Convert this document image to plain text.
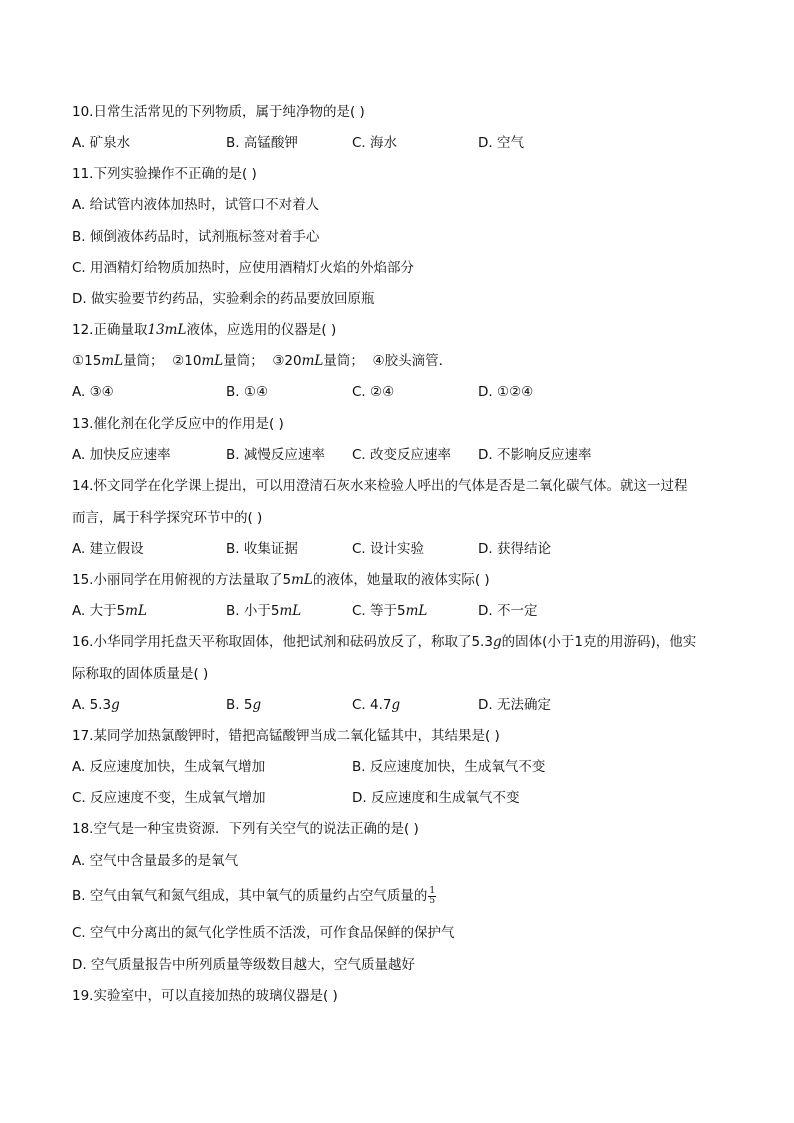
10.日常生活常见的下列物质，属于纯净物的是( )
A. 矿泉水	B. 高锰酸钾	C. 海水	D. 空气
11.下列实验操作不正确的是( )
A. 给试管内液体加热时，试管口不对着人
B. 倾倒液体药品时，试剂瓶标签对着手心
C. 用酒精灯给物质加热时，应使用酒精灯火焰的外焰部分
D. 做实验要节约药品，实验剩余的药品要放回原瓶
12.正确量取13mL液体，应选用的仪器是( )
①15mL量筒； ②10mL量筒； ③20mL量筒； ④胶头滴管．
A. ③④	B. ①④	C. ②④	D. ①②④
13.催化剂在化学反应中的作用是( )
A. 加快反应速率	B. 减慢反应速率 C. 改变反应速率 D. 不影响反应速率
14.怀文同学在化学课上提出，可以用澄清石灰水来检验人呼出的气体是否是二氧化碳气体。就这一过程
而言，属于科学探究环节中的( )
A. 建立假设	B. 收集证据	C. 设计实验	D. 获得结论
15.小丽同学在用俯视的方法量取了5mL的液体，她量取的液体实际( )
A. 大于5mL	B. 小于5mL	C. 等于5mL	D. 不一定
16.小华同学用托盘天平称取固体，他把试剂和砝码放反了，称取了5.3g的固体(小于1克的用游码)，他实
际称取的固体质量是( )
A. 5.3g	B. 5g	C. 4.7g	D. 无法确定
17.某同学加热氯酸钾时，错把高锰酸钾当成二氧化锰其中，其结果是( )
A. 反应速度加快，生成氧气增加	B. 反应速度加快，生成氧气不变
C. 反应速度不变，生成氧气增加	D. 反应速度和生成氧气不变
18.空气是一种宝贵资源．下列有关空气的说法正确的是( )
A. 空气中含量最多的是氧气
B. 空气由氧气和氮气组成，其中氧气的质量约占空气质量的 $\frac{1}{5}$
C. 空气中分离出的氮气化学性质不活泼，可作食品保鲜的保护气
D. 空气质量报告中所列质量等级数目越大，空气质量越好
19.实验室中，可以直接加热的玻璃仪器是( )
